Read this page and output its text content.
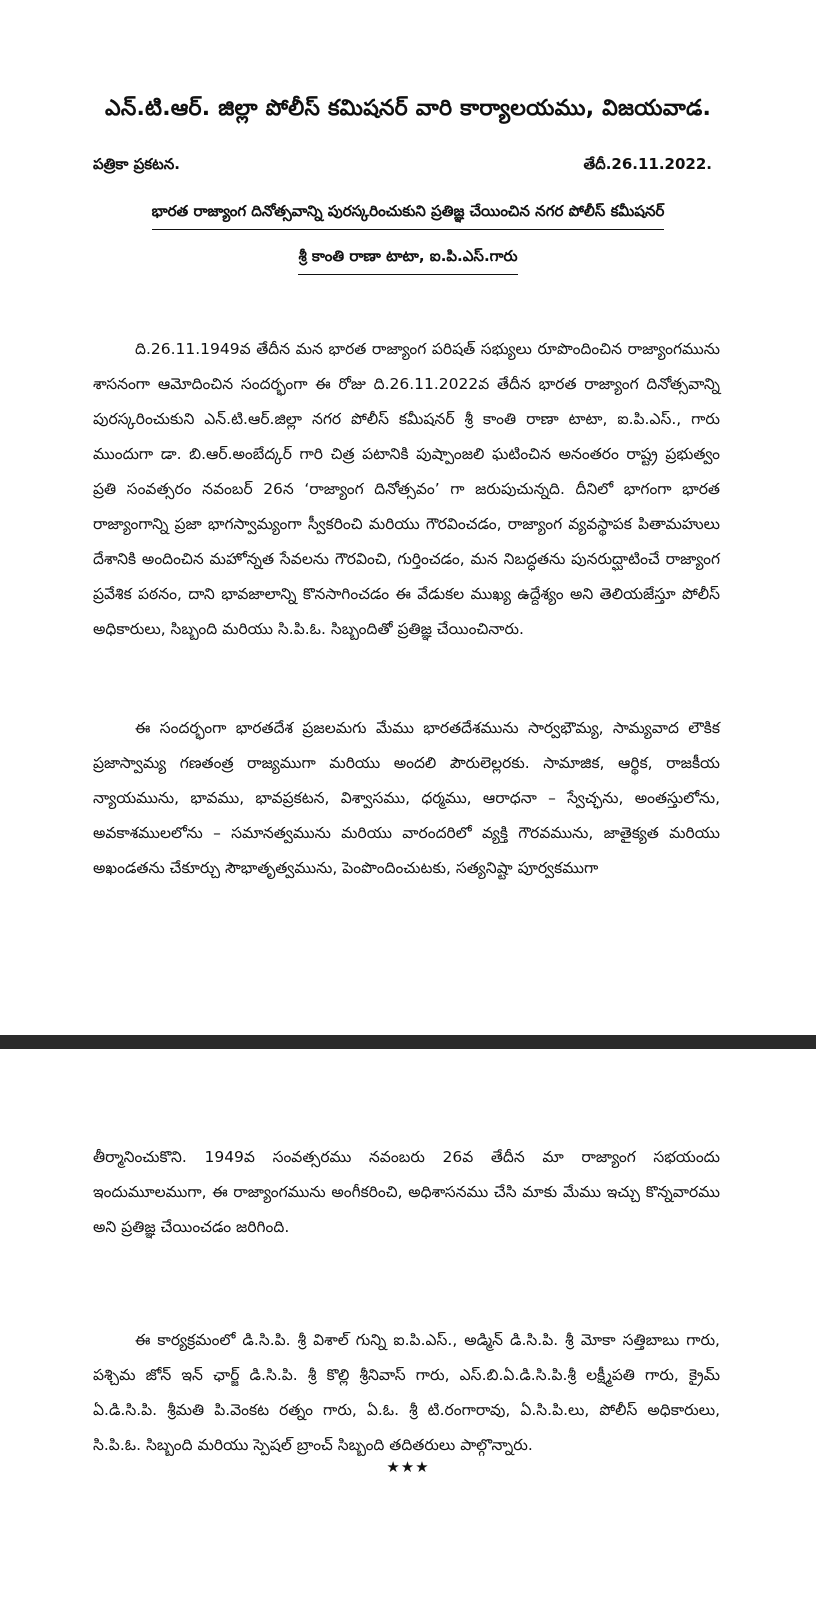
ఎన్.టి.ఆర్. జిల్లా పోలీస్ కమిషనర్ వారి కార్యాలయము, విజయవాడ.
పత్రికా ప్రకటన.	తేదీ.26.11.2022.
భారత రాజ్యాంగ దినోత్సవాన్ని పురస్కరించుకుని ప్రతిజ్ఞ చేయించిన నగర పోలీస్ కమీషనర్
శ్రీ కాంతి రాణా టాటా, ఐ.పి.ఎస్.గారు

ది.26.11.1949వ తేదీన మన భారత రాజ్యాంగ పరిషత్ సభ్యులు రూపొందించిన రాజ్యాంగమును శాసనంగా ఆమోదించిన సందర్భంగా ఈ రోజు ది.26.11.2022వ తేదీన భారత రాజ్యాంగ దినోత్సవాన్ని పురస్కరించుకుని ఎన్.టి.ఆర్.జిల్లా నగర పోలీస్ కమీషనర్ శ్రీ కాంతి రాణా టాటా, ఐ.పి.ఎస్., గారు ముందుగా డా. బి.ఆర్.అంబేద్కర్ గారి చిత్ర పటానికి పుష్పాంజలి ఘటించిన అనంతరం రాష్ట్ర ప్రభుత్వం ప్రతి సంవత్సరం నవంబర్ 26న ‘రాజ్యాంగ దినోత్సవం’ గా జరుపుచున్నది. దీనిలో భాగంగా భారత రాజ్యాంగాన్ని ప్రజా భాగస్వామ్యంగా స్వీకరించి మరియు గౌరవించడం, రాజ్యాంగ వ్యవస్థాపక పితామహులు దేశానికి అందించిన మహోన్నత సేవలను గౌరవించి, గుర్తించడం, మన నిబద్ధతను పునరుద్ఘాటించే రాజ్యాంగ ప్రవేశిక పఠనం, దాని భావజాలాన్ని కొనసాగించడం ఈ వేడుకల ముఖ్య ఉద్దేశ్యం అని తెలియజేస్తూ పోలీస్ అధికారులు, సిబ్బంది మరియు సి.పి.ఓ. సిబ్బందితో ప్రతిజ్ఞ చేయించినారు.

ఈ సందర్భంగా భారతదేశ ప్రజలమగు మేము భారతదేశమును సార్వభౌమ్య, సామ్యవాద లౌకిక ప్రజాస్వామ్య గణతంత్ర రాజ్యముగా మరియు అందలి పౌరులెల్లరకు. సామాజిక, ఆర్థిక, రాజకీయ న్యాయమును, భావము, భావప్రకటన, విశ్వాసము, ధర్మము, ఆరాధనా – స్వేచ్ఛను, అంతస్తులోను, అవకాశములలోను – సమానత్వమును మరియు వారందరిలో వ్యక్తి గౌరవమును, జాతైక్యత మరియు అఖండతను చేకూర్చు సౌభాతృత్వమును, పెంపొందించుటకు, సత్యనిష్టా పూర్వకముగా

తీర్మానించుకొని. 1949వ సంవత్సరము నవంబరు 26వ తేదీన మా రాజ్యాంగ సభయందు ఇందుమూలముగా, ఈ రాజ్యాంగమును అంగీకరించి, అధిశాసనము చేసి మాకు మేము ఇచ్చు కొన్నవారము అని ప్రతిజ్ఞ చేయించడం జరిగింది.

ఈ కార్యక్రమంలో డి.సి.పి. శ్రీ విశాల్ గున్ని ఐ.పి.ఎస్., అడ్మిన్ డి.సి.పి. శ్రీ మోకా సత్తిబాబు గారు, పశ్చిమ జోన్ ఇన్ ఛార్జ్ డి.సి.పి. శ్రీ కొల్లి శ్రీనివాస్ గారు, ఎస్.బి.ఏ.డి.సి.పి.శ్రీ లక్ష్మీపతి గారు, క్రైమ్ ఏ.డి.సి.పి. శ్రీమతి పి.వెంకట రత్నం గారు, ఏ.ఓ. శ్రీ టి.రంగారావు, ఏ.సి.పి.లు, పోలీస్ అధికారులు, సి.పి.ఓ. సిబ్బంది మరియు స్పెషల్ బ్రాంచ్ సిబ్బంది తదితరులు పాల్గొన్నారు.

★★★
